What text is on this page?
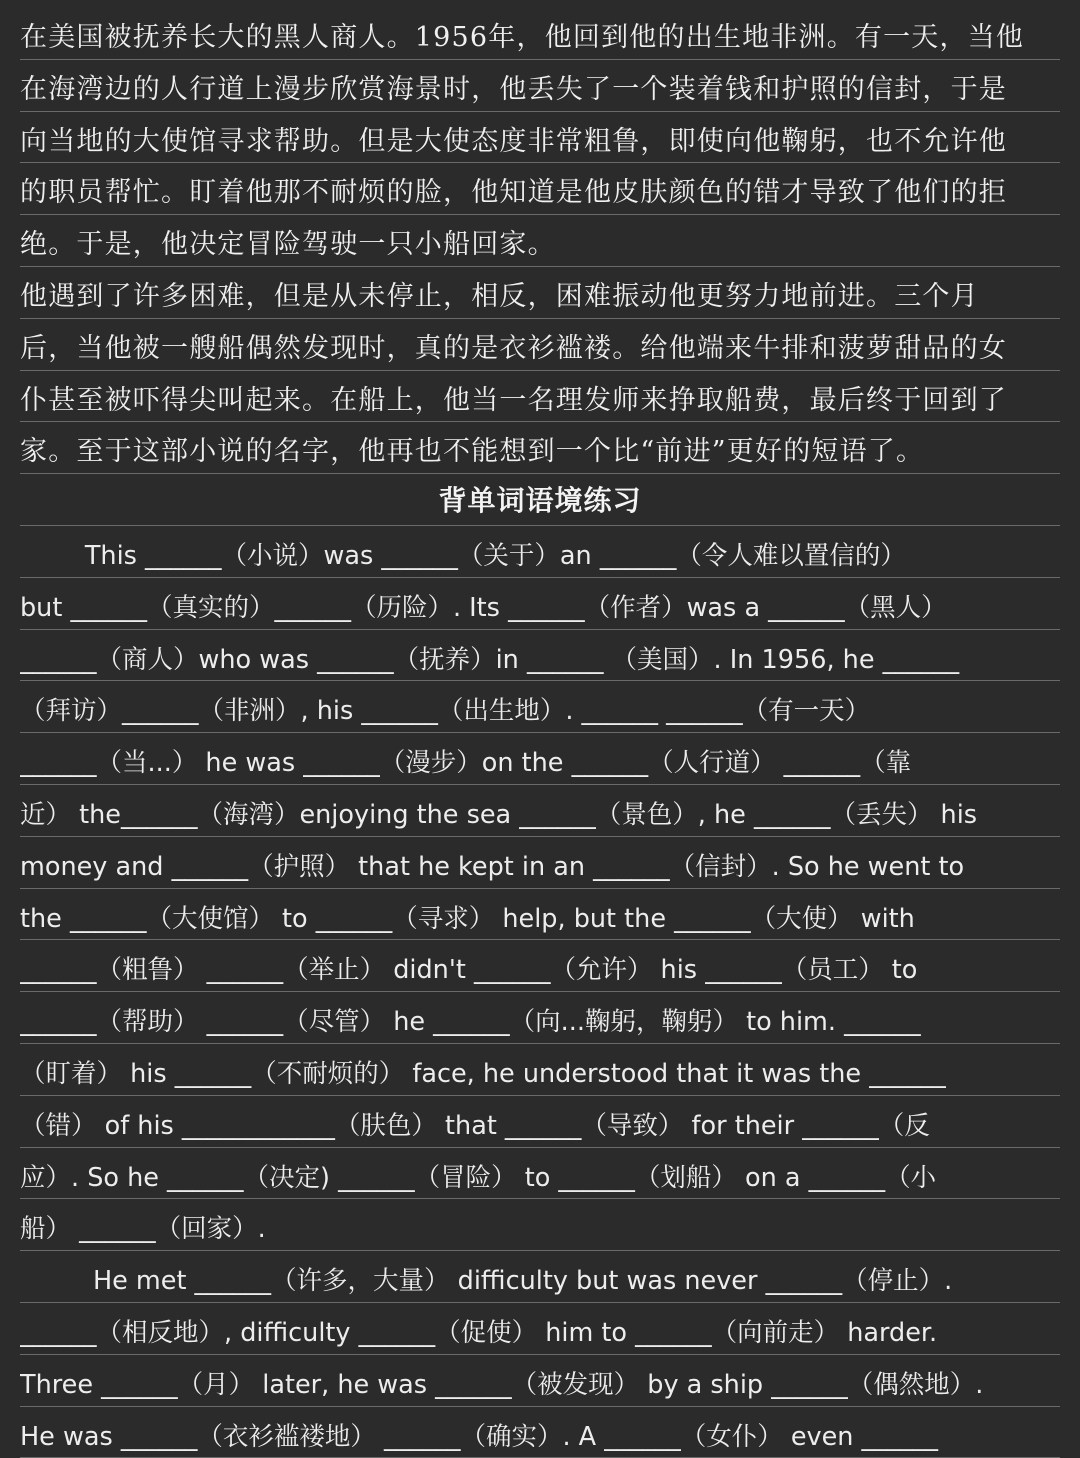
在美国被抚养长大的黑人商人。1956年，他回到他的出生地非洲。有一天，当他
在海湾边的人行道上漫步欣赏海景时，他丢失了一个装着钱和护照的信封，于是
向当地的大使馆寻求帮助。但是大使态度非常粗鲁，即使向他鞠躬，也不允许他
的职员帮忙。盯着他那不耐烦的脸，他知道是他皮肤颜色的错才导致了他们的拒
绝。于是，他决定冒险驾驶一只小船回家。
他遇到了许多困难，但是从未停止，相反，困难振动他更努力地前进。三个月
后，当他被一艘船偶然发现时，真的是衣衫褴褛。给他端来牛排和菠萝甜品的女
仆甚至被吓得尖叫起来。在船上，他当一名理发师来挣取船费，最后终于回到了
家。至于这部小说的名字，他再也不能想到一个比“前进”更好的短语了。
背单词语境练习
This ______（小说）was ______（关于）an ______（令人难以置信的）
but ______（真实的）______（历险）. Its ______（作者）was a ______（黑人）
______（商人）who was ______（抚养）in ______ （美国）. In 1956, he ______
（拜访）______（非洲）, his ______（出生地）. ______ ______（有一天）
______（当...） he was ______（漫步）on the ______（人行道） ______（靠
近） the______（海湾）enjoying the sea ______（景色）, he ______（丢失） his
money and ______（护照） that he kept in an ______（信封）. So he went to
the ______（大使馆） to ______（寻求） help, but the ______（大使） with
______（粗鲁） ______（举止） didn't ______（允许） his ______（员工） to
______（帮助） ______（尽管） he ______（向...鞠躬，鞠躬） to him. ______
（盯着） his ______（不耐烦的） face, he understood that it was the ______
（错） of his ____________（肤色） that ______（导致） for their ______（反
应）. So he ______（决定) ______（冒险） to ______（划船） on a ______（小
船） ______（回家）.
He met ______（许多，大量） difficulty but was never ______（停止）.
______（相反地）, difficulty ______（促使） him to ______（向前走） harder.
Three ______（月） later, he was ______（被发现） by a ship ______（偶然地）.
He was ______（衣衫褴褛地） ______（确实）. A ______（女仆） even ______
